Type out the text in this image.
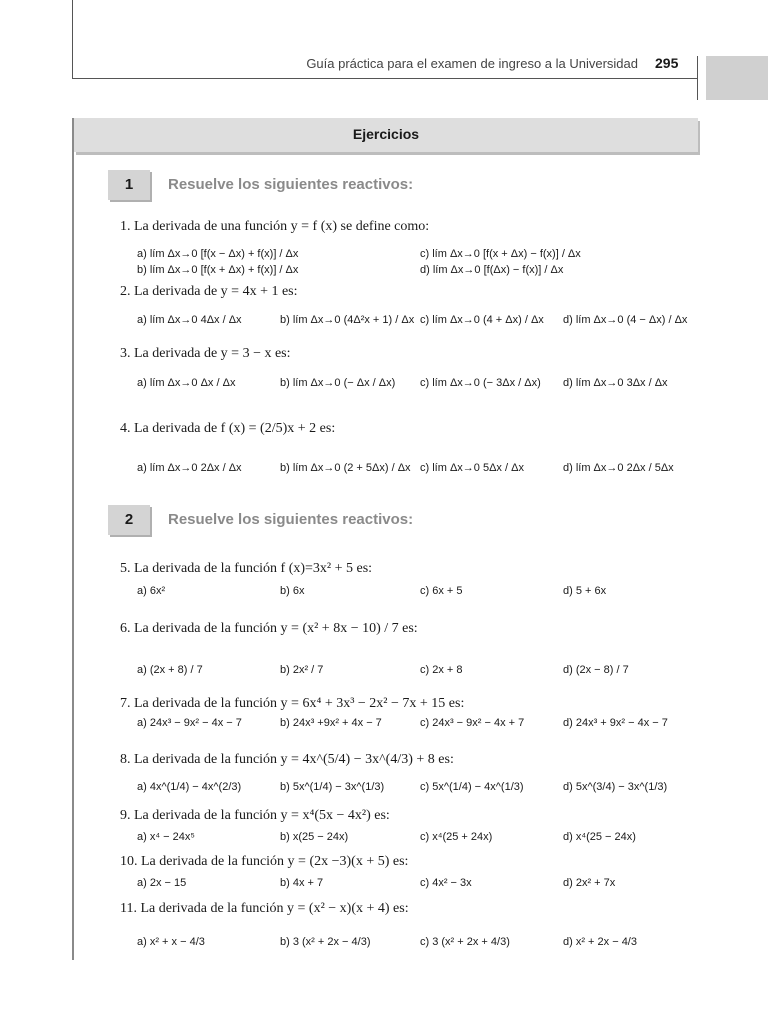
Guía práctica para el examen de ingreso a la Universidad 295
Ejercicios
1	Resuelve los siguientes reactivos:
2	Resuelve los siguientes reactivos:
1. La derivada de una función y = f (x) se define como:
a) lím Δx→0 [f(x − Δx) + f(x)] / Δx
b) lím Δx→0 [f(x + Δx) + f(x)] / Δx
c) lím Δx→0 [f(x + Δx) − f(x)] / Δx
d) lím Δx→0 [f(Δx) − f(x)] / Δx
2. La derivada de y = 4x + 1 es:
a) lím Δx→0 4Δx / Δx	b) lím Δx→0 (4Δ²x + 1) / Δx c) lím Δx→0 (4 + Δx) / Δx d) lím Δx→0 (4 − Δx) / Δx
3. La derivada de y = 3 − x es:
a) lím Δx→0 Δx / Δx	b) lím Δx→0 (− Δx / Δx) c) lím Δx→0 (− 3Δx / Δx) d) lím Δx→0 3Δx / Δx
4. La derivada de f (x) = (2/5)x + 2 es:
a) lím Δx→0 2Δx / Δx	b) lím Δx→0 (2 + 5Δx) / Δx c) lím Δx→0 5Δx / Δx	d) lím Δx→0 2Δx / 5Δx
5. La derivada de la función f (x)=3x² + 5 es:
a) 6x²	b) 6x	c) 6x + 5	d) 5 + 6x
6. La derivada de la función y = (x² + 8x − 10) / 7 es:
a) (2x + 8) / 7	b) 2x² / 7	c) 2x + 8	d) (2x − 8) / 7
7. La derivada de la función y = 6x⁴ + 3x³ − 2x² − 7x + 15 es:
a) 24x³ − 9x² − 4x − 7	b) 24x³ +9x² + 4x − 7	c) 24x³ − 9x² − 4x + 7	d) 24x³ + 9x² − 4x − 7
8. La derivada de la función y = 4x^(5/4) − 3x^(4/3) + 8 es:
a) 4x^(1/4) − 4x^(2/3)	b) 5x^(1/4) − 3x^(1/3)	c) 5x^(1/4) − 4x^(1/3)	d) 5x^(3/4) − 3x^(1/3)
9. La derivada de la función y = x⁴(5x − 4x²) es:
a) x⁴ − 24x⁵	b) x(25 − 24x)	c) x⁴(25 + 24x)	d) x⁴(25 − 24x)
10. La derivada de la función y = (2x −3)(x + 5) es:
a) 2x − 15	b) 4x + 7	c) 4x² − 3x	d) 2x² + 7x
11. La derivada de la función y = (x² − x)(x + 4) es:
a) x² + x − 4/3	b) 3 (x² + 2x − 4/3)	c) 3 (x² + 2x + 4/3)	d) x² + 2x − 4/3
